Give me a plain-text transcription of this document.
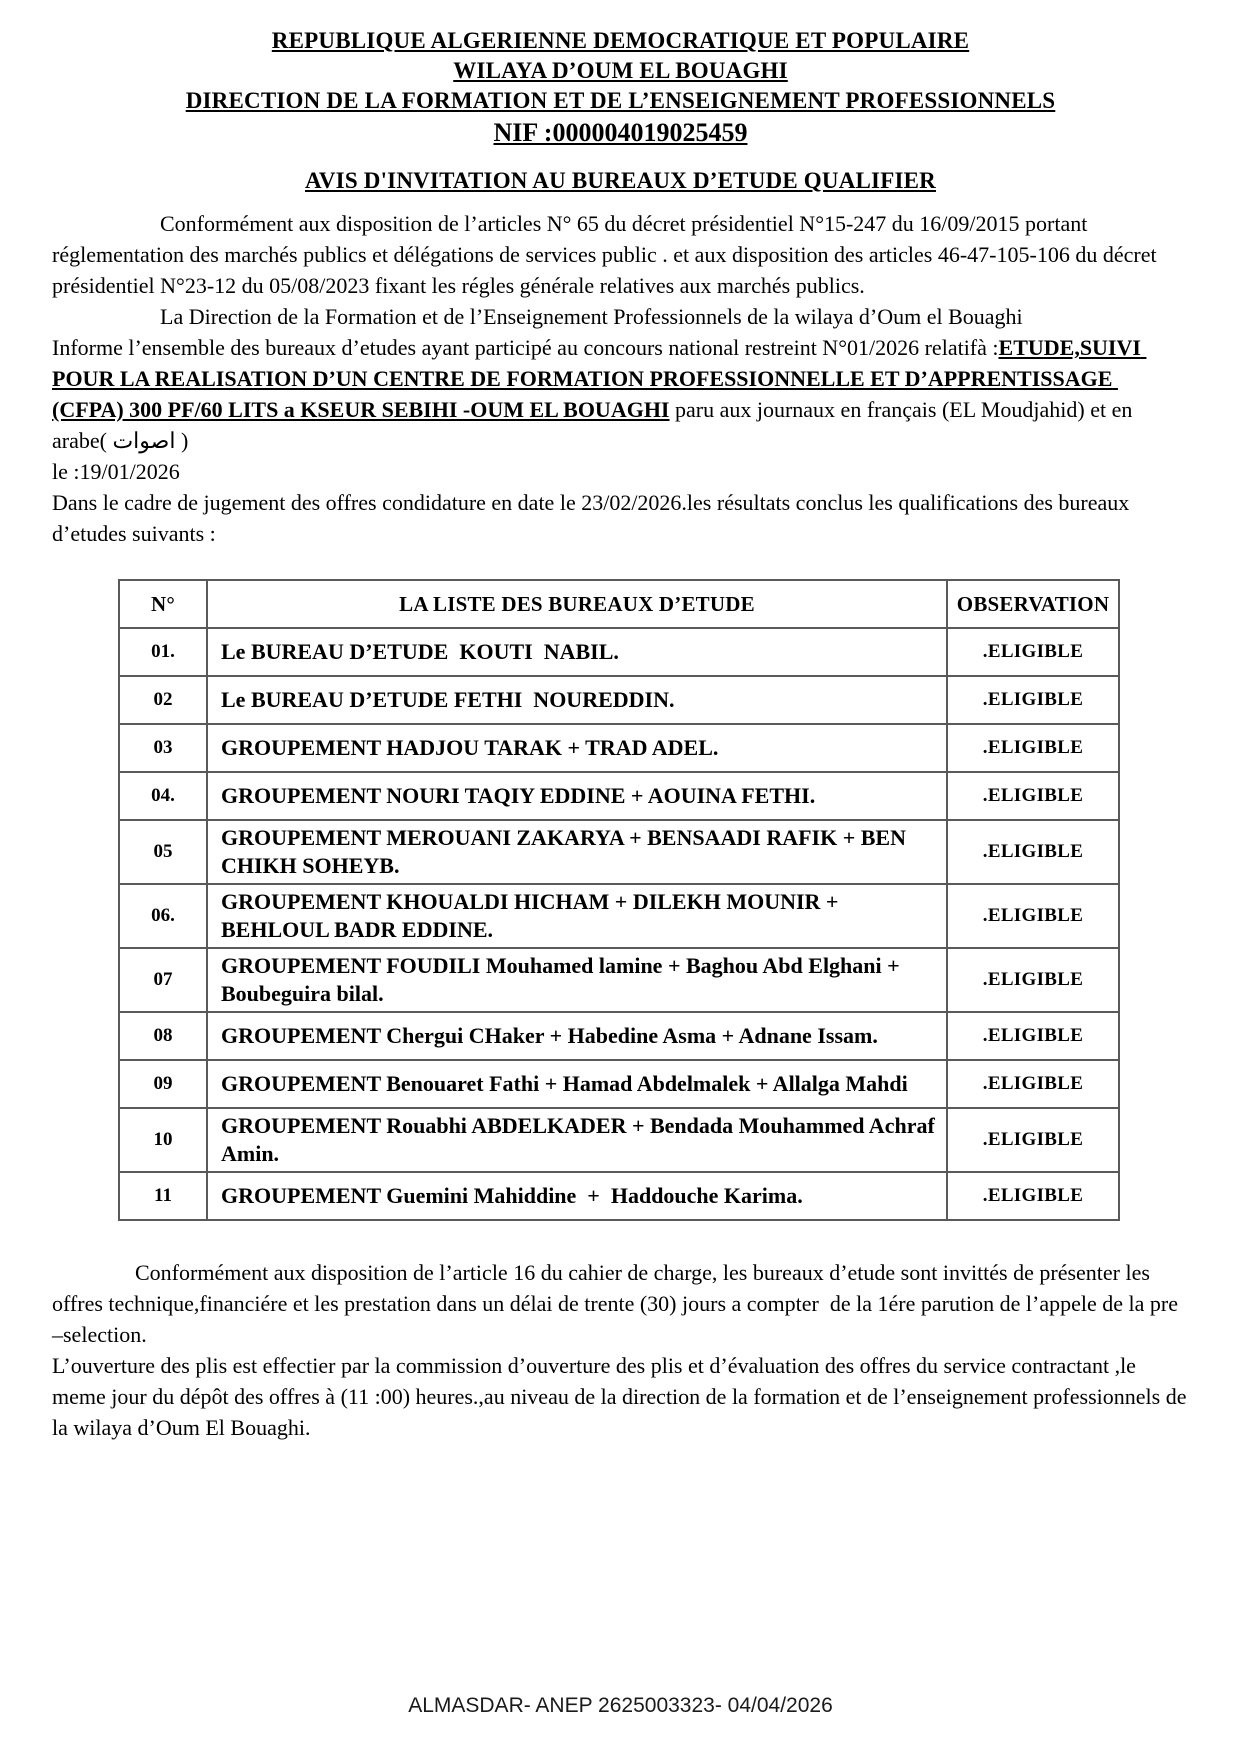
REPUBLIQUE ALGERIENNE DEMOCRATIQUE ET POPULAIRE
WILAYA D’OUM EL BOUAGHI
DIRECTION DE LA FORMATION ET DE L’ENSEIGNEMENT PROFESSIONNELS
NIF :000004019025459
AVIS D'INVITATION AU BUREAUX D’ETUDE QUALIFIER

Conformément aux disposition de l’articles N° 65 du décret présidentiel N°15-247 du 16/09/2015 portant réglementation des marchés publics et délégations de services public . et aux disposition des articles 46-47-105-106 du décret présidentiel N°23-12 du 05/08/2023 fixant les régles générale relatives aux marchés publics.

La Direction de la Formation et de l’Enseignement Professionnels de la wilaya d’Oum el Bouaghi
Informe l’ensemble des bureaux d’etudes ayant participé au concours national restreint N°01/2026 relatifà :ETUDE,SUIVI POUR LA REALISATION D’UN CENTRE DE FORMATION PROFESSIONNELLE ET D’APPRENTISSAGE (CFPA) 300 PF/60 LITS a KSEUR SEBIHI -OUM EL BOUAGHI paru aux journaux en français (EL Moudjahid) et en arabe( اصوات )
le :19/01/2026

Dans le cadre de jugement des offres condidature en date le 23/02/2026.les résultats conclus les qualifications des bureaux d’etudes suivants :

N°	LA LISTE DES BUREAUX D’ETUDE	OBSERVATION
01.	Le BUREAU D’ETUDE  KOUTI  NABIL.	.ELIGIBLE
02	Le BUREAU D’ETUDE FETHI  NOUREDDIN.	.ELIGIBLE
03	GROUPEMENT HADJOU TARAK + TRAD ADEL.	.ELIGIBLE
04.	GROUPEMENT NOURI TAQIY EDDINE + AOUINA FETHI.	.ELIGIBLE
05	GROUPEMENT MEROUANI ZAKARYA + BENSAADI RAFIK + BEN CHIKH SOHEYB.	.ELIGIBLE
06.	GROUPEMENT KHOUALDI HICHAM + DILEKH MOUNIR + BEHLOUL BADR EDDINE.	.ELIGIBLE
07	GROUPEMENT FOUDILI Mouhamed lamine + Baghou Abd Elghani + Boubeguira bilal.	.ELIGIBLE
08	GROUPEMENT Chergui CHaker + Habedine Asma + Adnane Issam.	.ELIGIBLE
09	GROUPEMENT Benouaret Fathi + Hamad Abdelmalek + Allalga Mahdi	.ELIGIBLE
10	GROUPEMENT Rouabhi ABDELKADER + Bendada Mouhammed Achraf Amin.	.ELIGIBLE
11	GROUPEMENT Guemini Mahiddine  +  Haddouche Karima.	.ELIGIBLE

Conformément aux disposition de l’article 16 du cahier de charge, les bureaux d’etude sont invittés de présenter les offres technique,financiére et les prestation dans un délai de trente (30) jours a compter  de la 1ére parution de l’appele de la pre –selection.

L’ouverture des plis est effectier par la commission d’ouverture des plis et d’évaluation des offres du service contractant ,le meme jour du dépôt des offres à (11 :00) heures.,au niveau de la direction de la formation et de l’enseignement professionnels de la wilaya d’Oum El Bouaghi.

ALMASDAR- ANEP 2625003323- 04/04/2026
